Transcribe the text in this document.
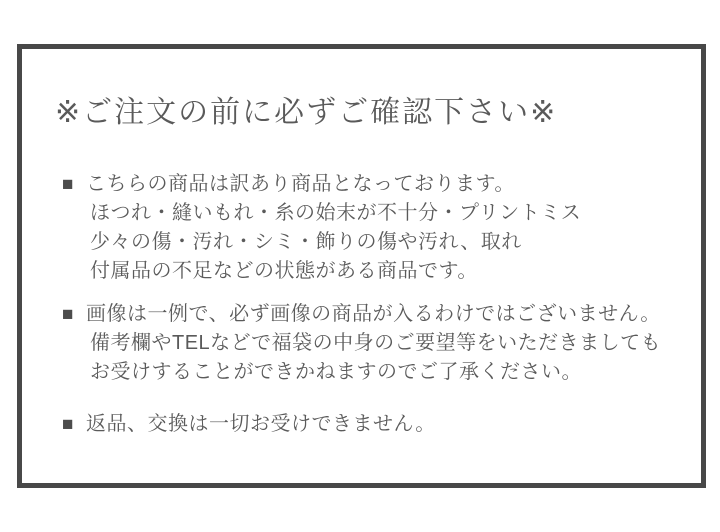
※ご注文の前に必ずご確認下さい※
■ こちらの商品は訳あり商品となっております。
ほつれ・縫いもれ・糸の始末が不十分・プリントミス
少々の傷・汚れ・シミ・飾りの傷や汚れ、取れ
付属品の不足などの状態がある商品です。
■ 画像は一例で、必ず画像の商品が入るわけではございません。
備考欄やTELなどで福袋の中身のご要望等をいただきましても
お受けすることができかねますのでご了承ください。
■ 返品、交換は一切お受けできません。
